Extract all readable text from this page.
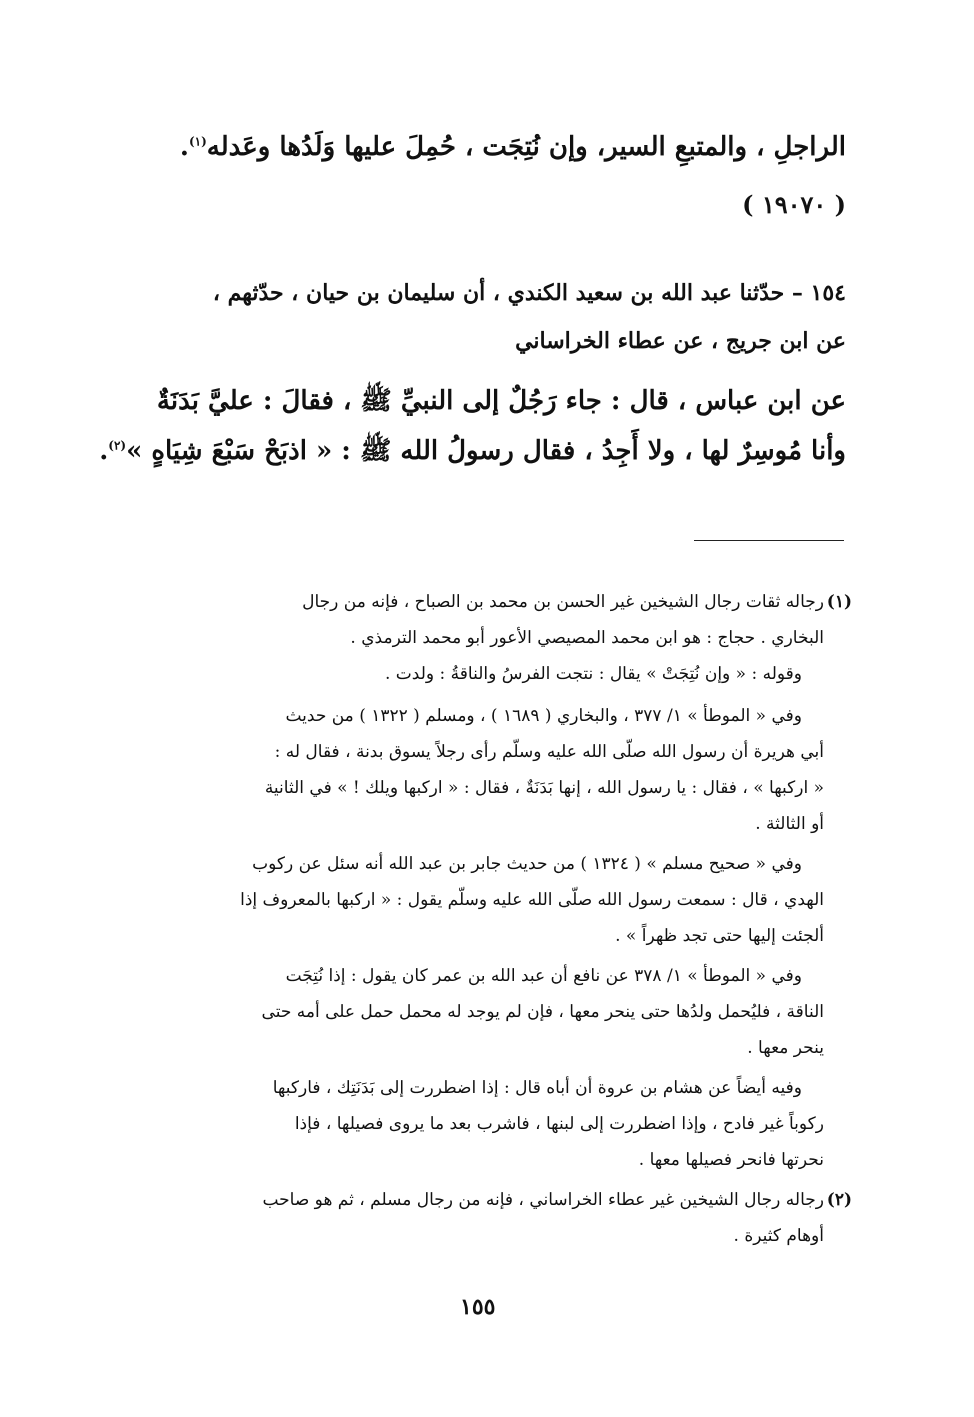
الراجلِ ، والمتبعِ السير، وإن نُتِجَت ، حُمِلَ عليها وَلَدُها وعَدله$^{(١)}$.
( ١٩٠٧٠ )
١٥٤ – حدّثنا عبد الله بن سعيد الكندي ، أن سليمان بن حيان ، حدّثهم ،
عن ابن جريج ، عن عطاء الخراساني
عن ابن عباس ، قال : جاء رَجُلٌ إلى النبيِّ ﷺ ، فقالَ : عليَّ بَدَنَةٌ
وأنا مُوسِرٌ لها ، ولا أَجِدُ ، فقال رسولُ الله ﷺ : « اذبَحْ سَبْعَ شِيَاهٍ »$^{(٢)}$.
(١)
رجاله ثقات رجال الشيخين غير الحسن بن محمد بن الصباح ، فإنه من رجال
البخاري . حجاج : هو ابن محمد المصيصي الأعور أبو محمد الترمذي .
وقوله : « وإن نُتِجَتْ » يقال : نتجت الفرسُ والناقةُ : ولدت .
وفي « الموطأ » ١/ ٣٧٧ ، والبخاري ( ١٦٨٩ ) ، ومسلم ( ١٣٢٢ ) من حديث
أبي هريرة أن رسول الله صلّى الله عليه وسلّم رأى رجلاً يسوق بدنة ، فقال له :
« اركبها » ، فقال : يا رسول الله ، إنها بَدَنَةٌ ، فقال : « اركبها ويلك ! » في الثانية
أو الثالثة .
وفي « صحيح مسلم » ( ١٣٢٤ ) من حديث جابر بن عبد الله أنه سئل عن ركوب
الهدي ، قال : سمعت رسول الله صلّى الله عليه وسلّم يقول : « اركبها بالمعروف إذا
ألجئت إليها حتى تجد ظهراً » .
وفي « الموطأ » ١/ ٣٧٨ عن نافع أن عبد الله بن عمر كان يقول : إذا نُتِجَت
الناقة ، فليُحمل ولدُها حتى ينحر معها ، فإن لم يوجد له محمل حمل على أمه حتى
ينحر معها .
وفيه أيضاً عن هشام بن عروة أن أباه قال : إذا اضطررت إلى بَدَنَتِك ، فاركبها
ركوباً غير فادح ، وإذا اضطررت إلى لبنها ، فاشرب بعد ما يروى فصيلها ، فإذا
نحرتها فانحر فصيلها معها .
(٢)
رجاله رجال الشيخين غير عطاء الخراساني ، فإنه من رجال مسلم ، ثم هو صاحب
أوهام كثيرة .
١٥٥
